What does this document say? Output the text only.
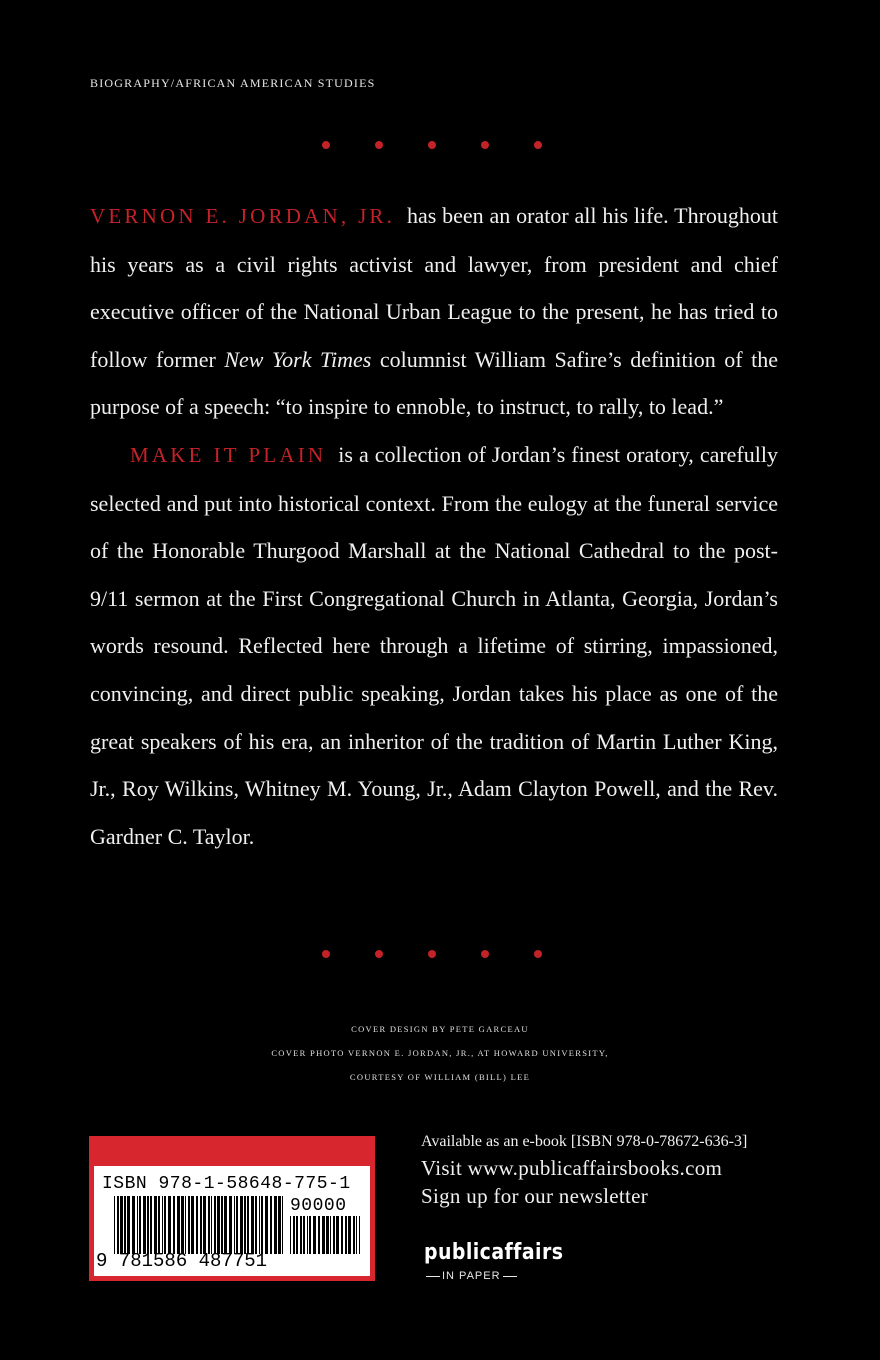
BIOGRAPHY/AFRICAN AMERICAN STUDIES

VERNON E. JORDAN, JR. has been an orator all his life. Throughout his years as a civil rights activist and lawyer, from president and chief executive officer of the National Urban League to the present, he has tried to follow former New York Times columnist William Safire’s definition of the purpose of a speech: “to inspire to ennoble, to instruct, to rally, to lead.”

MAKE IT PLAIN is a collection of Jordan’s finest oratory, carefully selected and put into historical context. From the eulogy at the funeral service of the Honorable Thurgood Marshall at the National Cathedral to the post-9/11 sermon at the First Congregational Church in Atlanta, Georgia, Jordan’s words resound. Reflected here through a lifetime of stirring, impassioned, convincing, and direct public speaking, Jordan takes his place as one of the great speakers of his era, an inheritor of the tradition of Martin Luther King, Jr., Roy Wilkins, Whitney M. Young, Jr., Adam Clayton Powell, and the Rev. Gardner C. Taylor.

COVER DESIGN BY PETE GARCEAU
COVER PHOTO VERNON E. JORDAN, JR., AT HOWARD UNIVERSITY,
COURTESY OF WILLIAM (BILL) LEE
ISBN 978-1-58648-775-1
90000
9 781586 487751
Available as an e-book [ISBN 978-0-78672-636-3]
Visit www.publicaffairsbooks.com
Sign up for our newsletter
publicaffairs
IN PAPER
